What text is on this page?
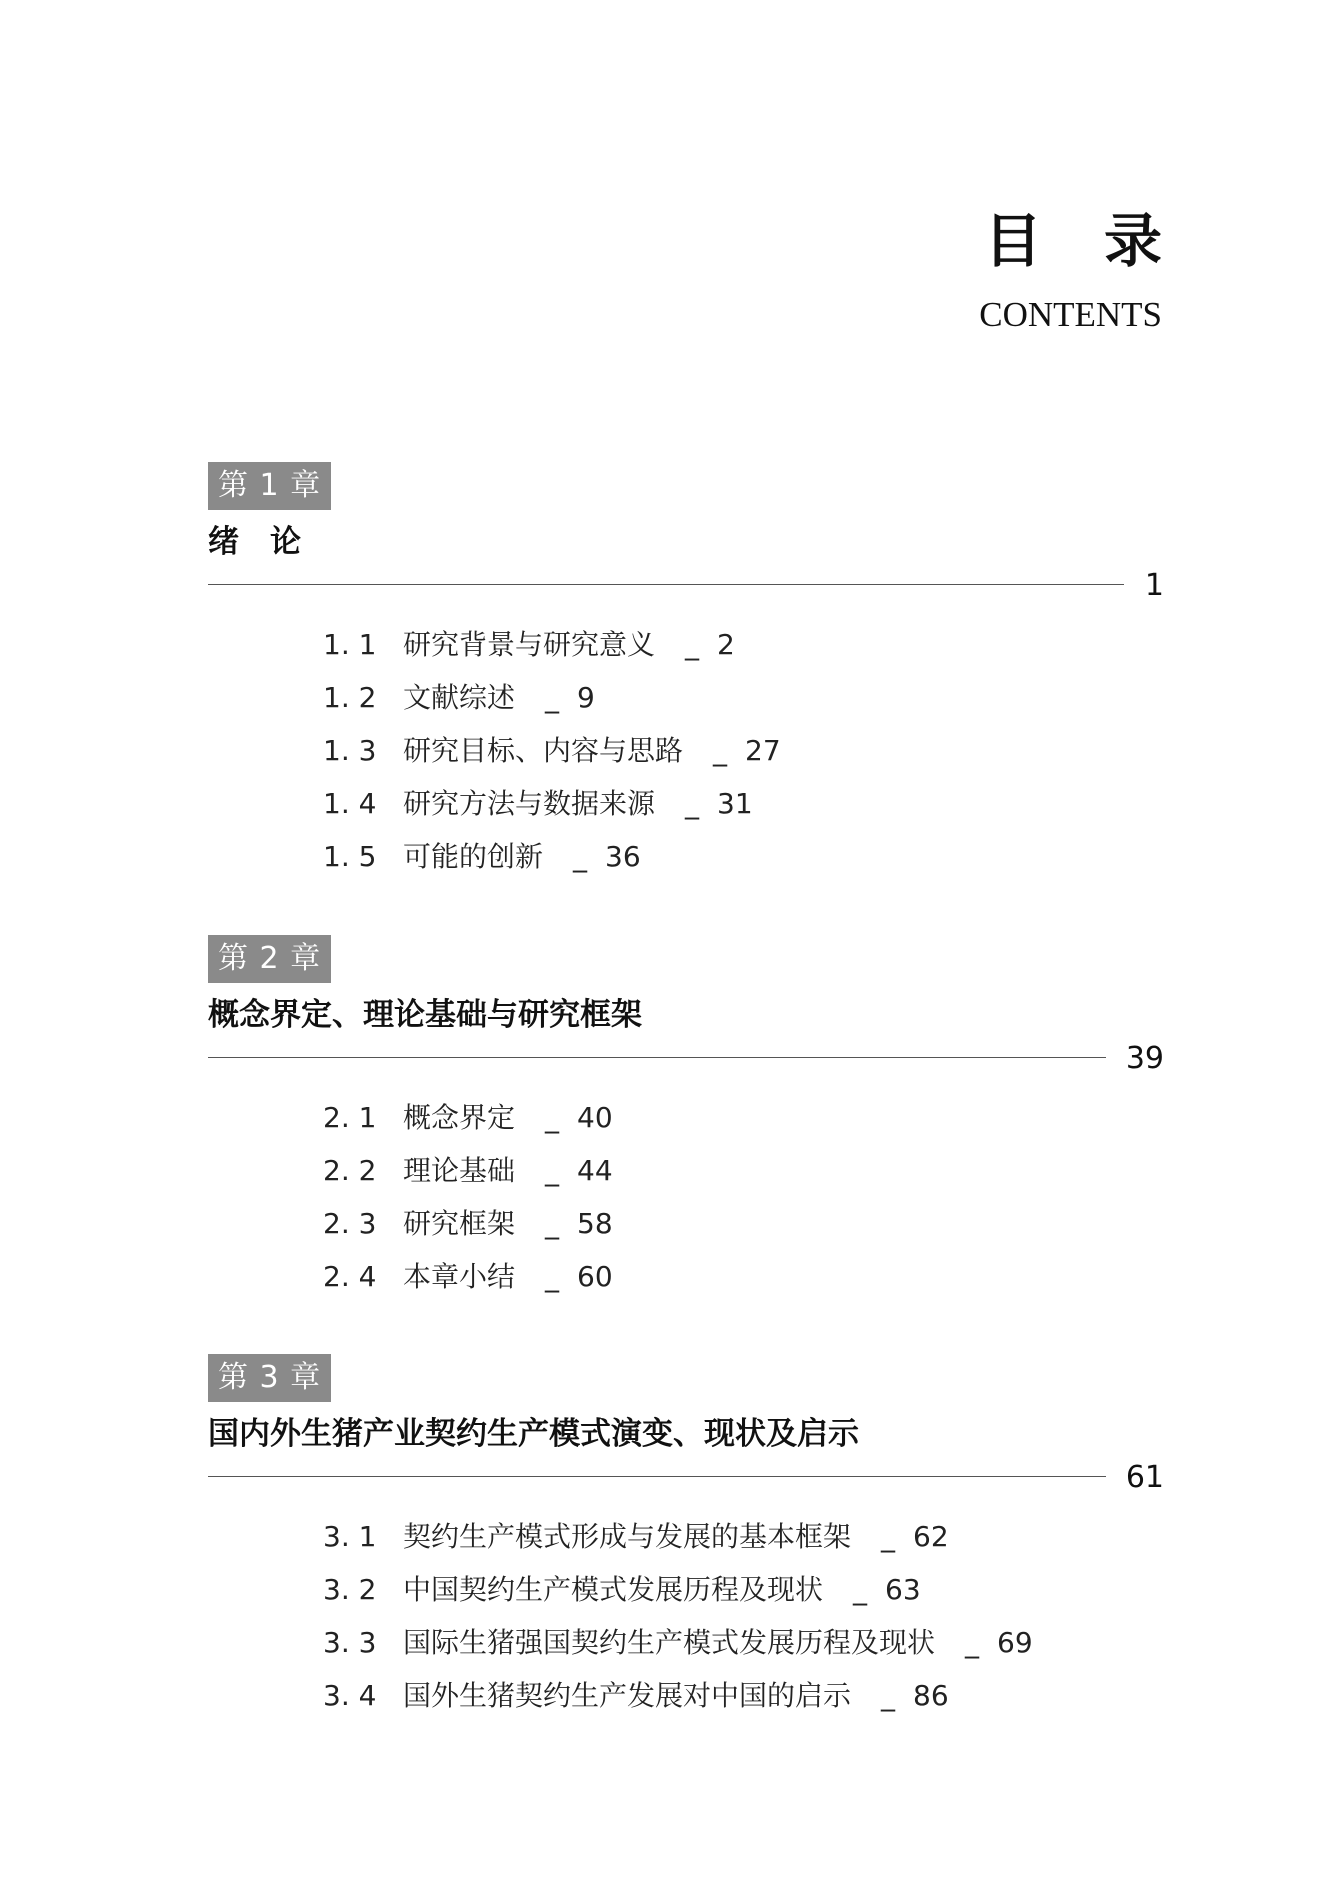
目 录
CONTENTS
第 1 章
绪　论
1
1. 1 研究背景与研究意义 _ 2
1. 2 文献综述 _ 9
1. 3 研究目标、内容与思路 _ 27
1. 4 研究方法与数据来源 _ 31
1. 5 可能的创新 _ 36
第 2 章
概念界定、理论基础与研究框架
39
2. 1 概念界定 _ 40
2. 2 理论基础 _ 44
2. 3 研究框架 _ 58
2. 4 本章小结 _ 60
第 3 章
国内外生猪产业契约生产模式演变、现状及启示
61
3. 1 契约生产模式形成与发展的基本框架 _ 62
3. 2 中国契约生产模式发展历程及现状 _ 63
3. 3 国际生猪强国契约生产模式发展历程及现状 _ 69
3. 4 国外生猪契约生产发展对中国的启示 _ 86
